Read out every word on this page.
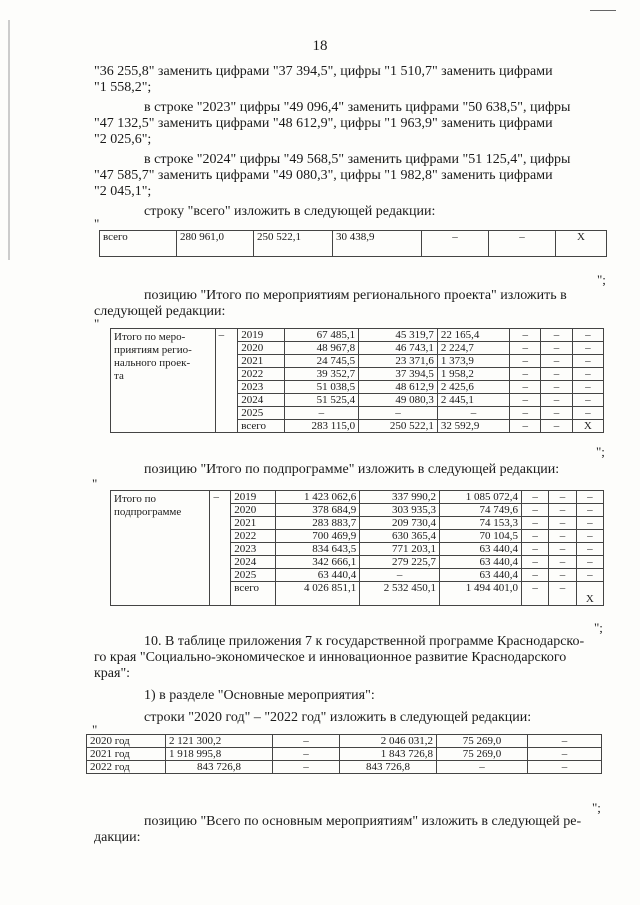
18
"36 255,8" заменить цифрами "37 394,5", цифры "1 510,7" заменить цифрами
"1 558,2";
в строке "2023" цифры "49 096,4" заменить цифрами "50 638,5", цифры
"47 132,5" заменить цифрами "48 612,9", цифры "1 963,9" заменить цифрами
"2 025,6";
в строке "2024" цифры "49 568,5" заменить цифрами "51 125,4", цифры
"47 585,7" заменить цифрами "49 080,3", цифры "1 982,8" заменить цифрами
"2 045,1";
строку "всего" изложить в следующей редакции:
"
всего	280 961,0	250 522,1	30 438,9	–	–	Х
";
позицию "Итого по мероприятиям регионального проекта" изложить в
следующей редакции:
"
Итого по меро-
приятиям регио-
нального проек-
та	–	2019	67 485,1	45 319,7	22 165,4	–	–	–
		2020	48 967,8	46 743,1	2 224,7	–	–	–
		2021	24 745,5	23 371,6	1 373,9	–	–	–
		2022	39 352,7	37 394,5	1 958,2	–	–	–
		2023	51 038,5	48 612,9	2 425,6	–	–	–
		2024	51 525,4	49 080,3	2 445,1	–	–	–
		2025	–	–	–	–	–	–
		всего	283 115,0	250 522,1	32 592,9	–	–	Х
";
позицию "Итого по подпрограмме" изложить в следующей редакции:
"
Итого по
подпрограмме	–	2019	1 423 062,6	337 990,2	1 085 072,4	–	–	–
		2020	378 684,9	303 935,3	74 749,6	–	–	–
		2021	283 883,7	209 730,4	74 153,3	–	–	–
		2022	700 469,9	630 365,4	70 104,5	–	–	–
		2023	834 643,5	771 203,1	63 440,4	–	–	–
		2024	342 666,1	279 225,7	63 440,4	–	–	–
		2025	63 440,4	–	63 440,4	–	–	–
		всего	4 026 851,1	2 532 450,1	1 494 401,0	–	–	Х
";
10. В таблице приложения 7 к государственной программе Краснодарско-
го края "Социально-экономическое и инновационное развитие Краснодарского
края":
1) в разделе "Основные мероприятия":
строки "2020 год" – "2022 год" изложить в следующей редакции:
"
2020 год	2 121 300,2	–	2 046 031,2	75 269,0	–
2021 год	1 918 995,8	–	1 843 726,8	75 269,0	–
2022 год	843 726,8	–	843 726,8	–	–
";
позицию "Всего по основным мероприятиям" изложить в следующей ре-
дакции:
